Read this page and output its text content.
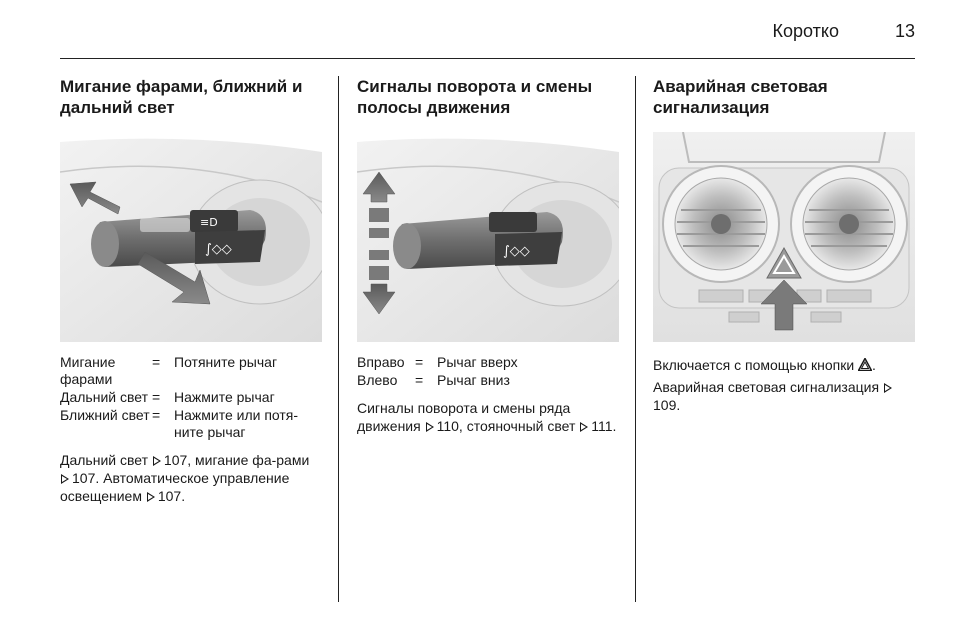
Коротко	13
Мигание фарами, ближний и дальний свет
≡D
∫◇◇
Мигание фарами
= Потяните рычаг
Дальний свет = Нажмите рычаг
Ближний свет = Нажмите или потя-ните рычаг

Дальний свет 107, мигание фа-рами 107. Автоматическое управление освещением 107.

Сигналы поворота и смены полосы движения
∫◇◇
Вправо = Рычаг вверх
Влево	= Рычаг вниз

Сигналы поворота и смены ряда движения 110, стояночный свет 111.

Аварийная световая сигнализация

Включается с помощью кнопки .

Аварийная световая сигнализация 109.
